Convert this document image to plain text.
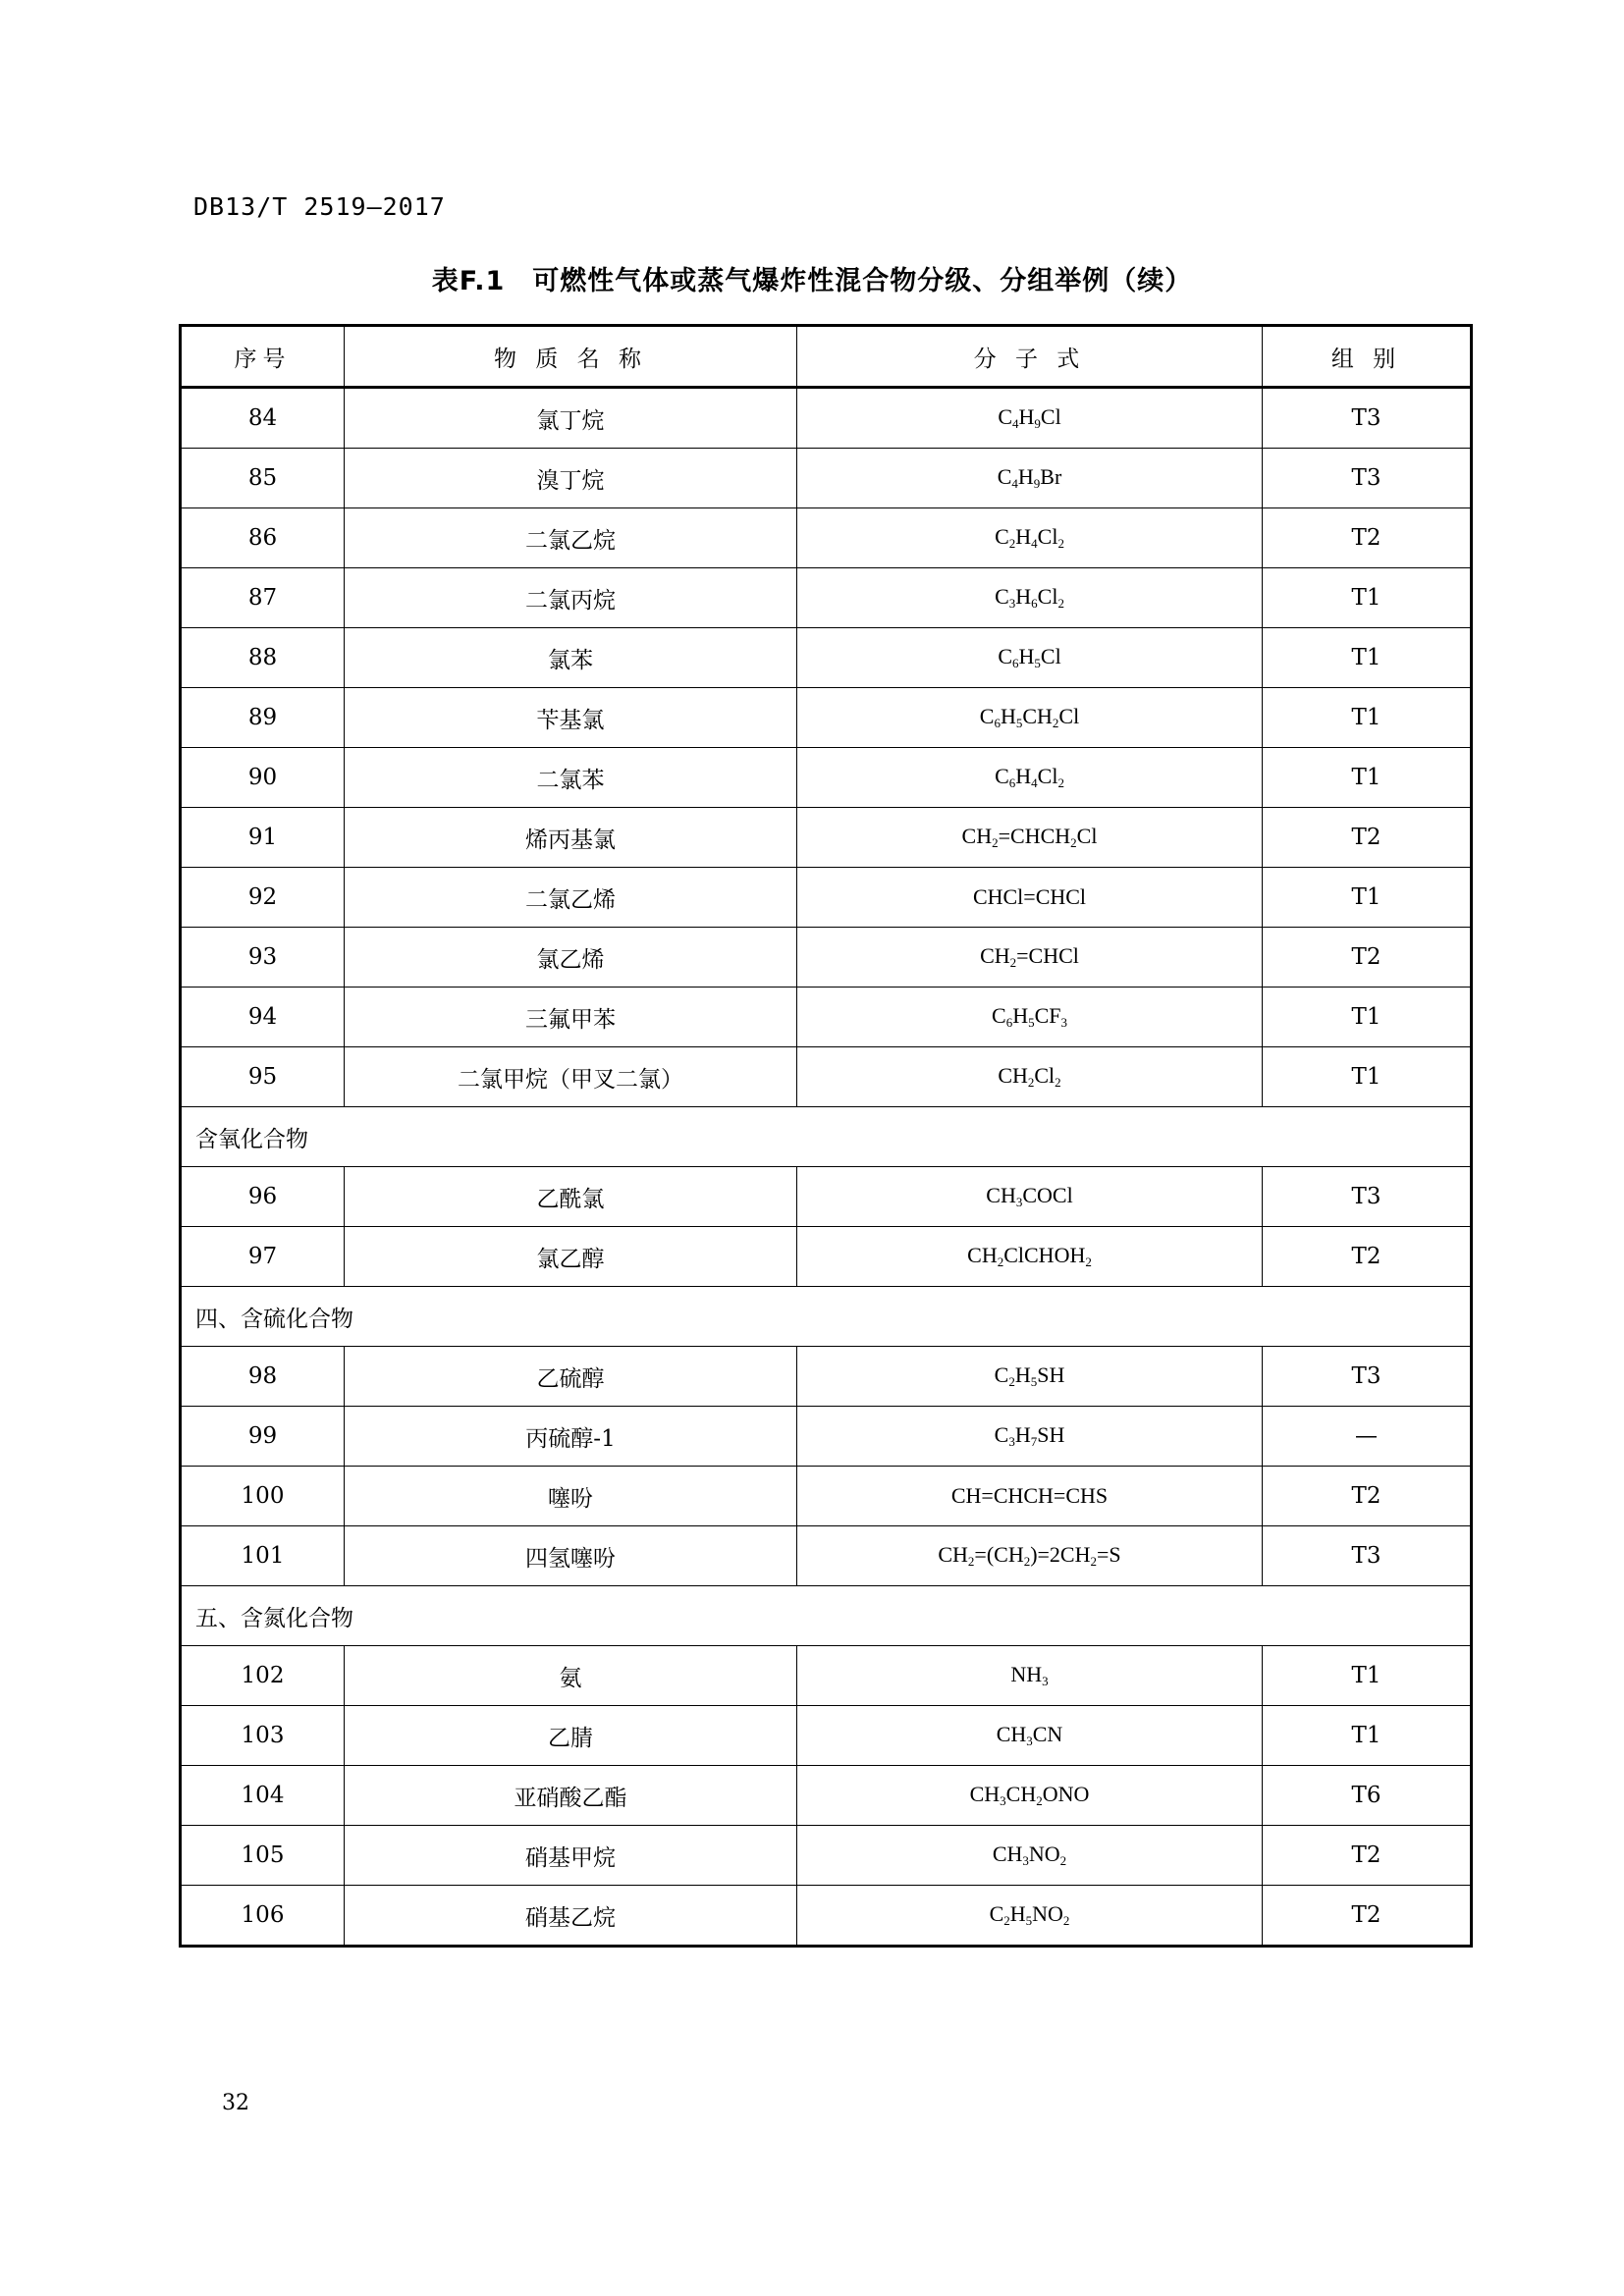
DB13/T 2519—2017
表F.1　可燃性气体或蒸气爆炸性混合物分级、分组举例（续）
序号	物 质 名 称	分 子 式	组 别
84	氯丁烷	$C_4H_9Cl$	T3
85	溴丁烷	$C_4H_9Br$	T3
86	二氯乙烷	$C_2H_4Cl_2$	T2
87	二氯丙烷	$C_3H_6Cl_2$	T1
88	氯苯	$C_6H_5Cl$	T1
89	苄基氯	$C_6H_5CH_2Cl$	T1
90	二氯苯	$C_6H_4Cl_2$	T1
91	烯丙基氯	$CH_2=CHCH_2Cl$	T2
92	二氯乙烯	CHCl=CHCl	T1
93	氯乙烯	$CH_2=CHCl$	T2
94	三氟甲苯	$C_6H_5CF_3$	T1
95	二氯甲烷（甲叉二氯）	$CH_2Cl_2$	T1
含氧化合物			
96	乙酰氯	$CH_3COCl$	T3
97	氯乙醇	$CH_2ClCHOH_2$	T2
四、含硫化合物			
98	乙硫醇	$C_2H_5SH$	T3
99	丙硫醇-1	$C_3H_7SH$	—
100	噻吩	CH=CHCH=CHS	T2
101	四氢噻吩	$CH_2=(CH_2)=2CH_2=S$	T3
五、含氮化合物			
102	氨	$NH_3$	T1
103	乙腈	$CH_3CN$	T1
104	亚硝酸乙酯	$CH_3CH_2ONO$	T6
105	硝基甲烷	$CH_3NO_2$	T2
106	硝基乙烷	$C_2H_5NO_2$	T2
32
